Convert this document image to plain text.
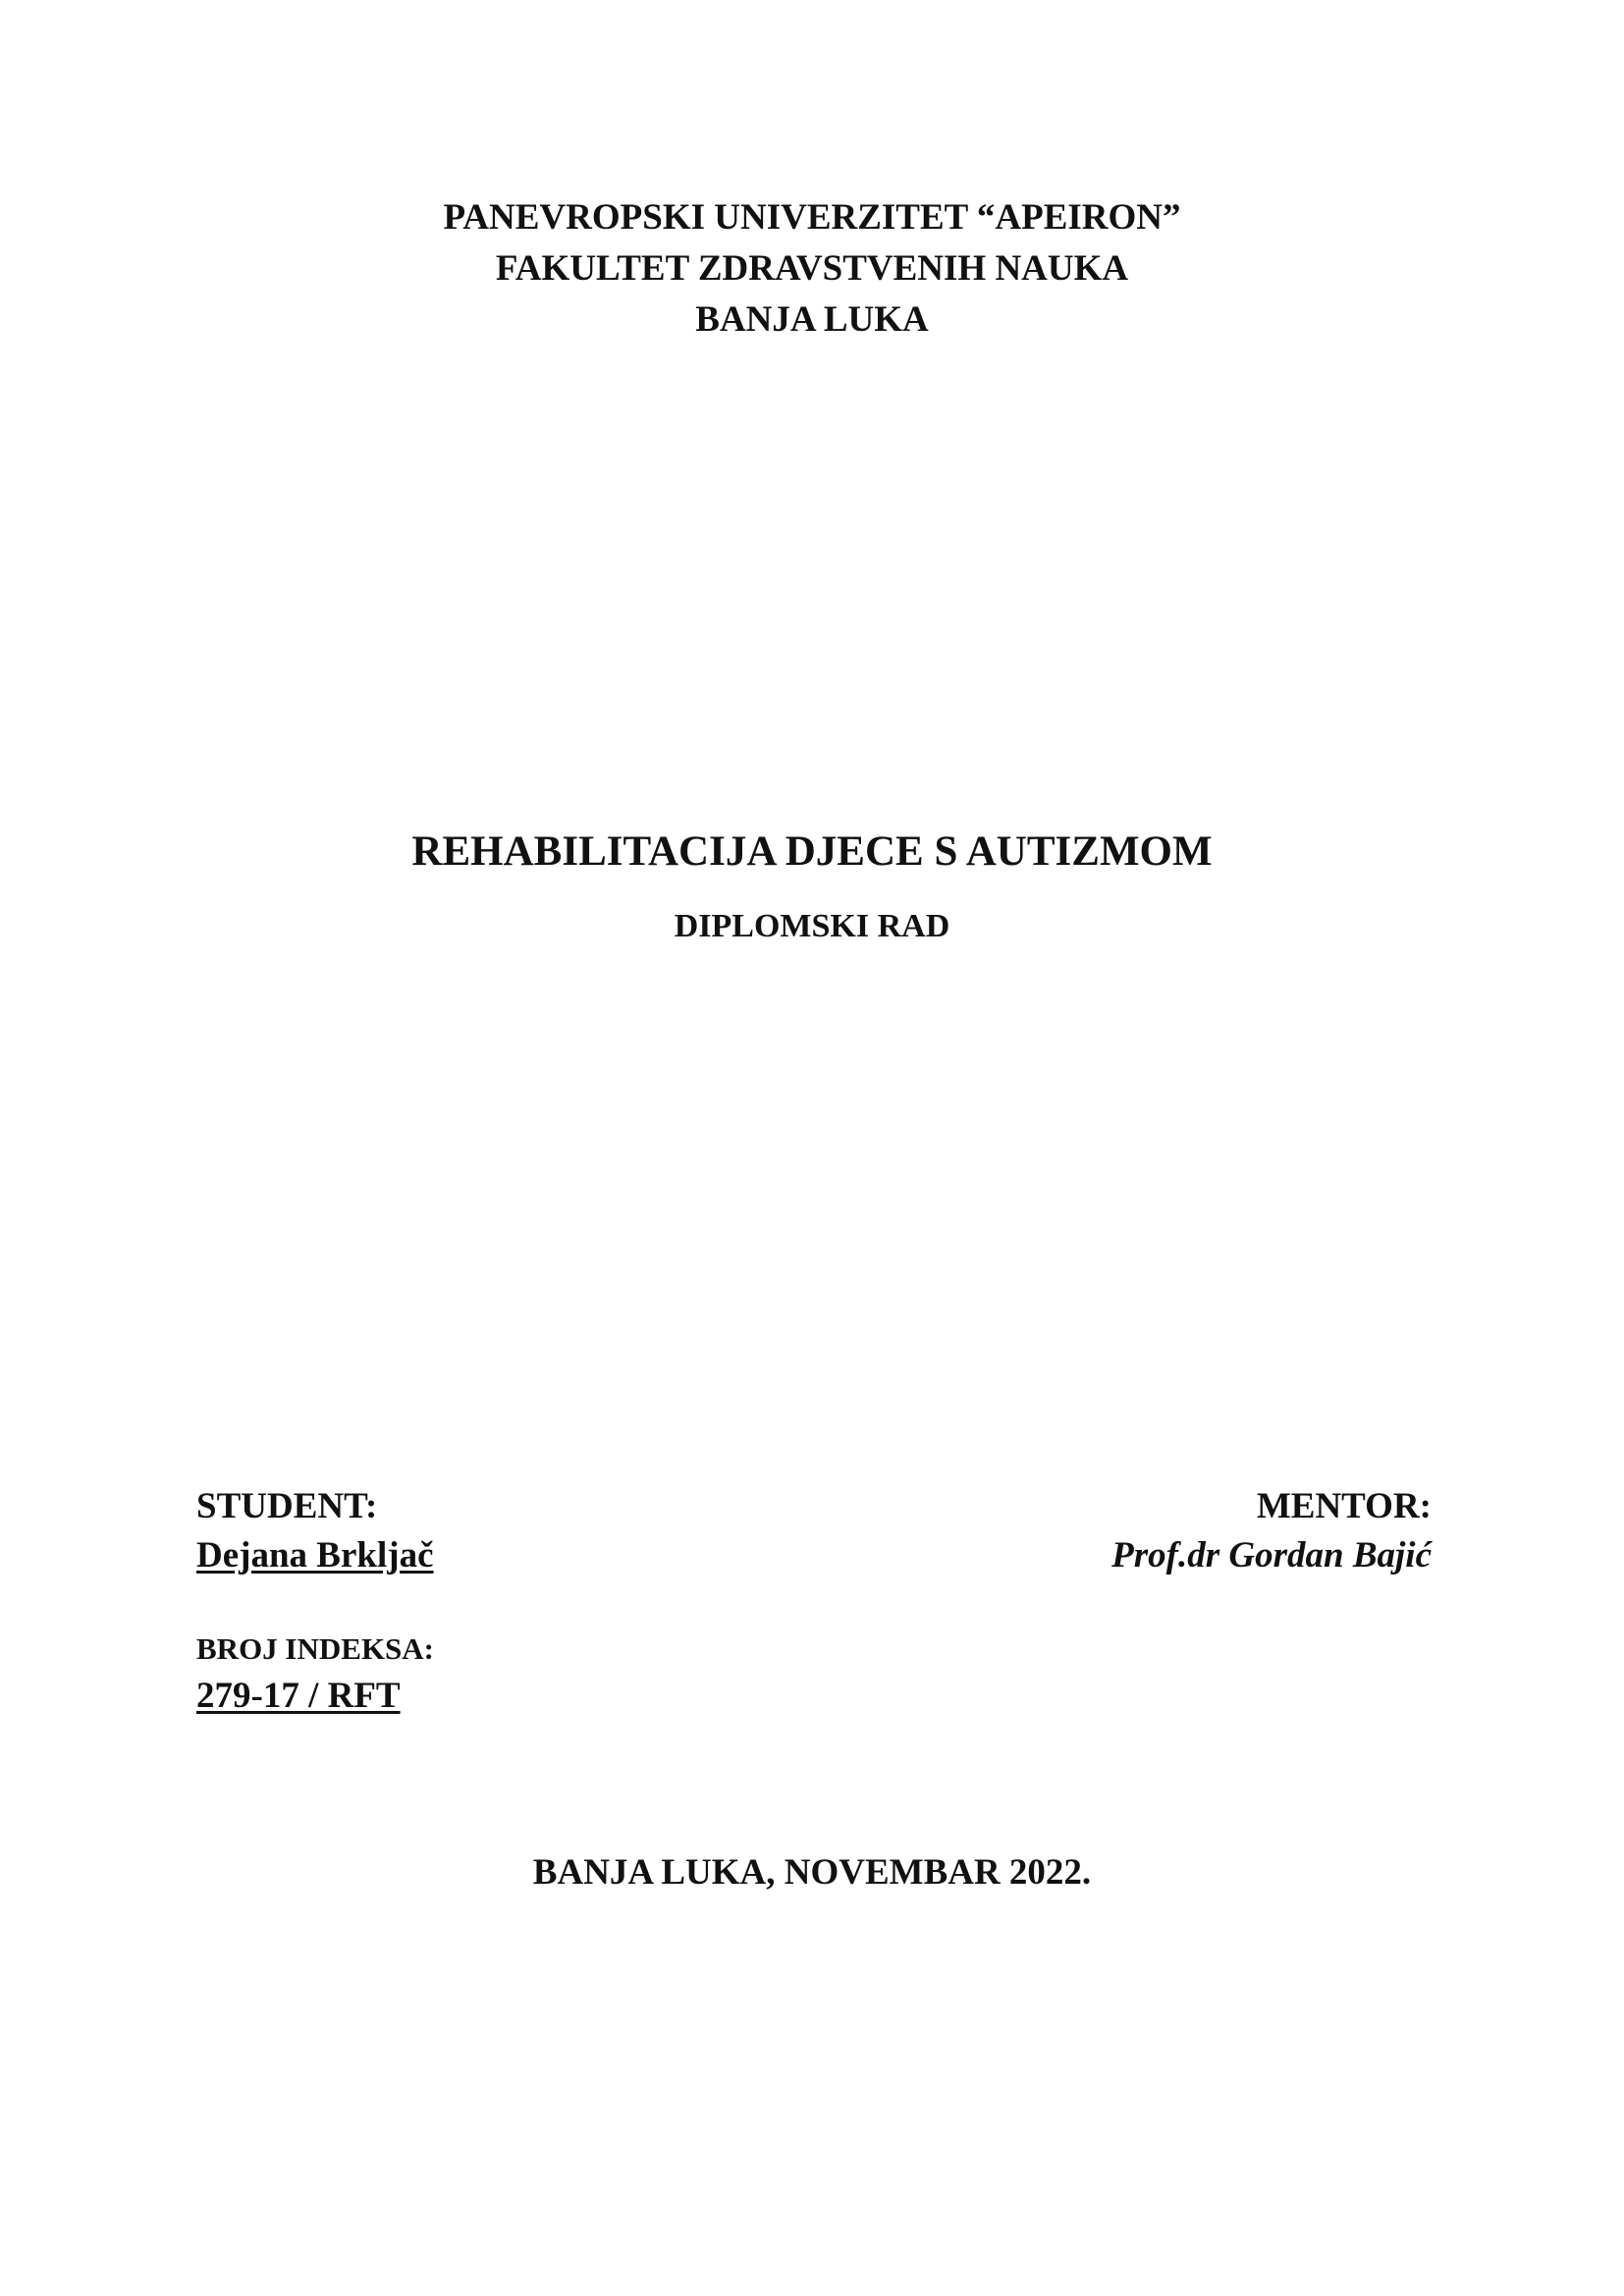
PANEVROPSKI UNIVERZITET “APEIRON”
FAKULTET ZDRAVSTVENIH NAUKA
BANJA LUKA
REHABILITACIJA DJECE S AUTIZMOM
DIPLOMSKI RAD
STUDENT:
Dejana Brkljač
MENTOR:
Prof.dr Gordan Bajić
BROJ INDEKSA:
279-17 / RFT
BANJA LUKA, NOVEMBAR 2022.
